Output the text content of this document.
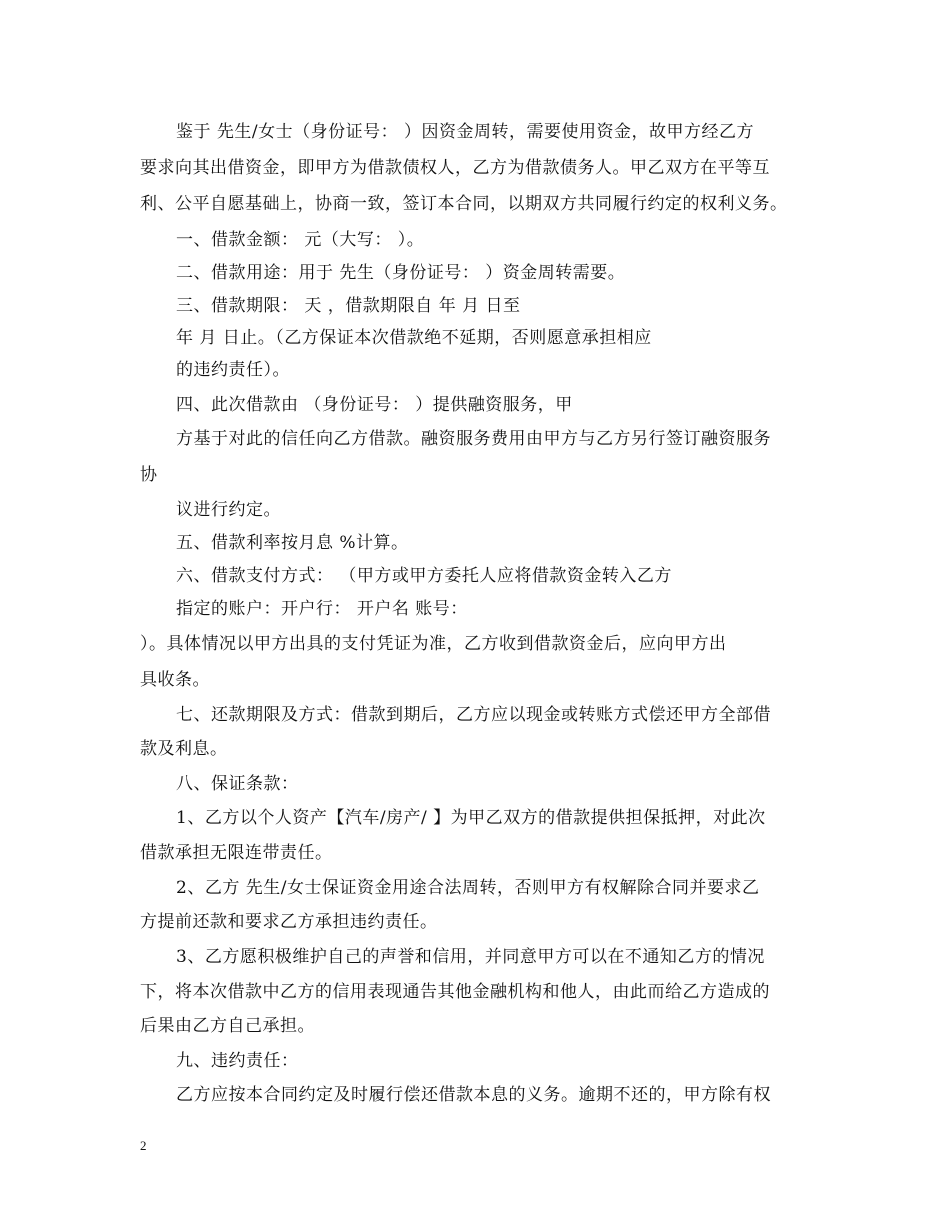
鉴于 先生/女士（身份证号： ）因资金周转，需要使用资金，故甲方经乙方
要求向其出借资金，即甲方为借款债权人，乙方为借款债务人。甲乙双方在平等互
利、公平自愿基础上，协商一致，签订本合同，以期双方共同履行约定的权利义务。
一、借款金额： 元（大写： ）。
二、借款用途：用于 先生（身份证号： ）资金周转需要。
三、借款期限： 天 ，借款期限自 年 月 日至
年 月 日止。（乙方保证本次借款绝不延期，否则愿意承担相应
的违约责任）。
四、此次借款由 （身份证号： ）提供融资服务，甲
方基于对此的信任向乙方借款。融资服务费用由甲方与乙方另行签订融资服务
协
议进行约定。
五、借款利率按月息 %计算。
六、借款支付方式： （甲方或甲方委托人应将借款资金转入乙方
指定的账户：开户行： 开户名 账号：
）。具体情况以甲方出具的支付凭证为准，乙方收到借款资金后，应向甲方出
具收条。
七、还款期限及方式：借款到期后，乙方应以现金或转账方式偿还甲方全部借
款及利息。
八、保证条款：
1、乙方以个人资产【汽车/房产/ 】为甲乙双方的借款提供担保抵押，对此次
借款承担无限连带责任。
2、乙方 先生/女士保证资金用途合法周转，否则甲方有权解除合同并要求乙
方提前还款和要求乙方承担违约责任。
3、乙方愿积极维护自己的声誉和信用，并同意甲方可以在不通知乙方的情况
下，将本次借款中乙方的信用表现通告其他金融机构和他人，由此而给乙方造成的
后果由乙方自己承担。
九、违约责任：
乙方应按本合同约定及时履行偿还借款本息的义务。逾期不还的，甲方除有权
2
